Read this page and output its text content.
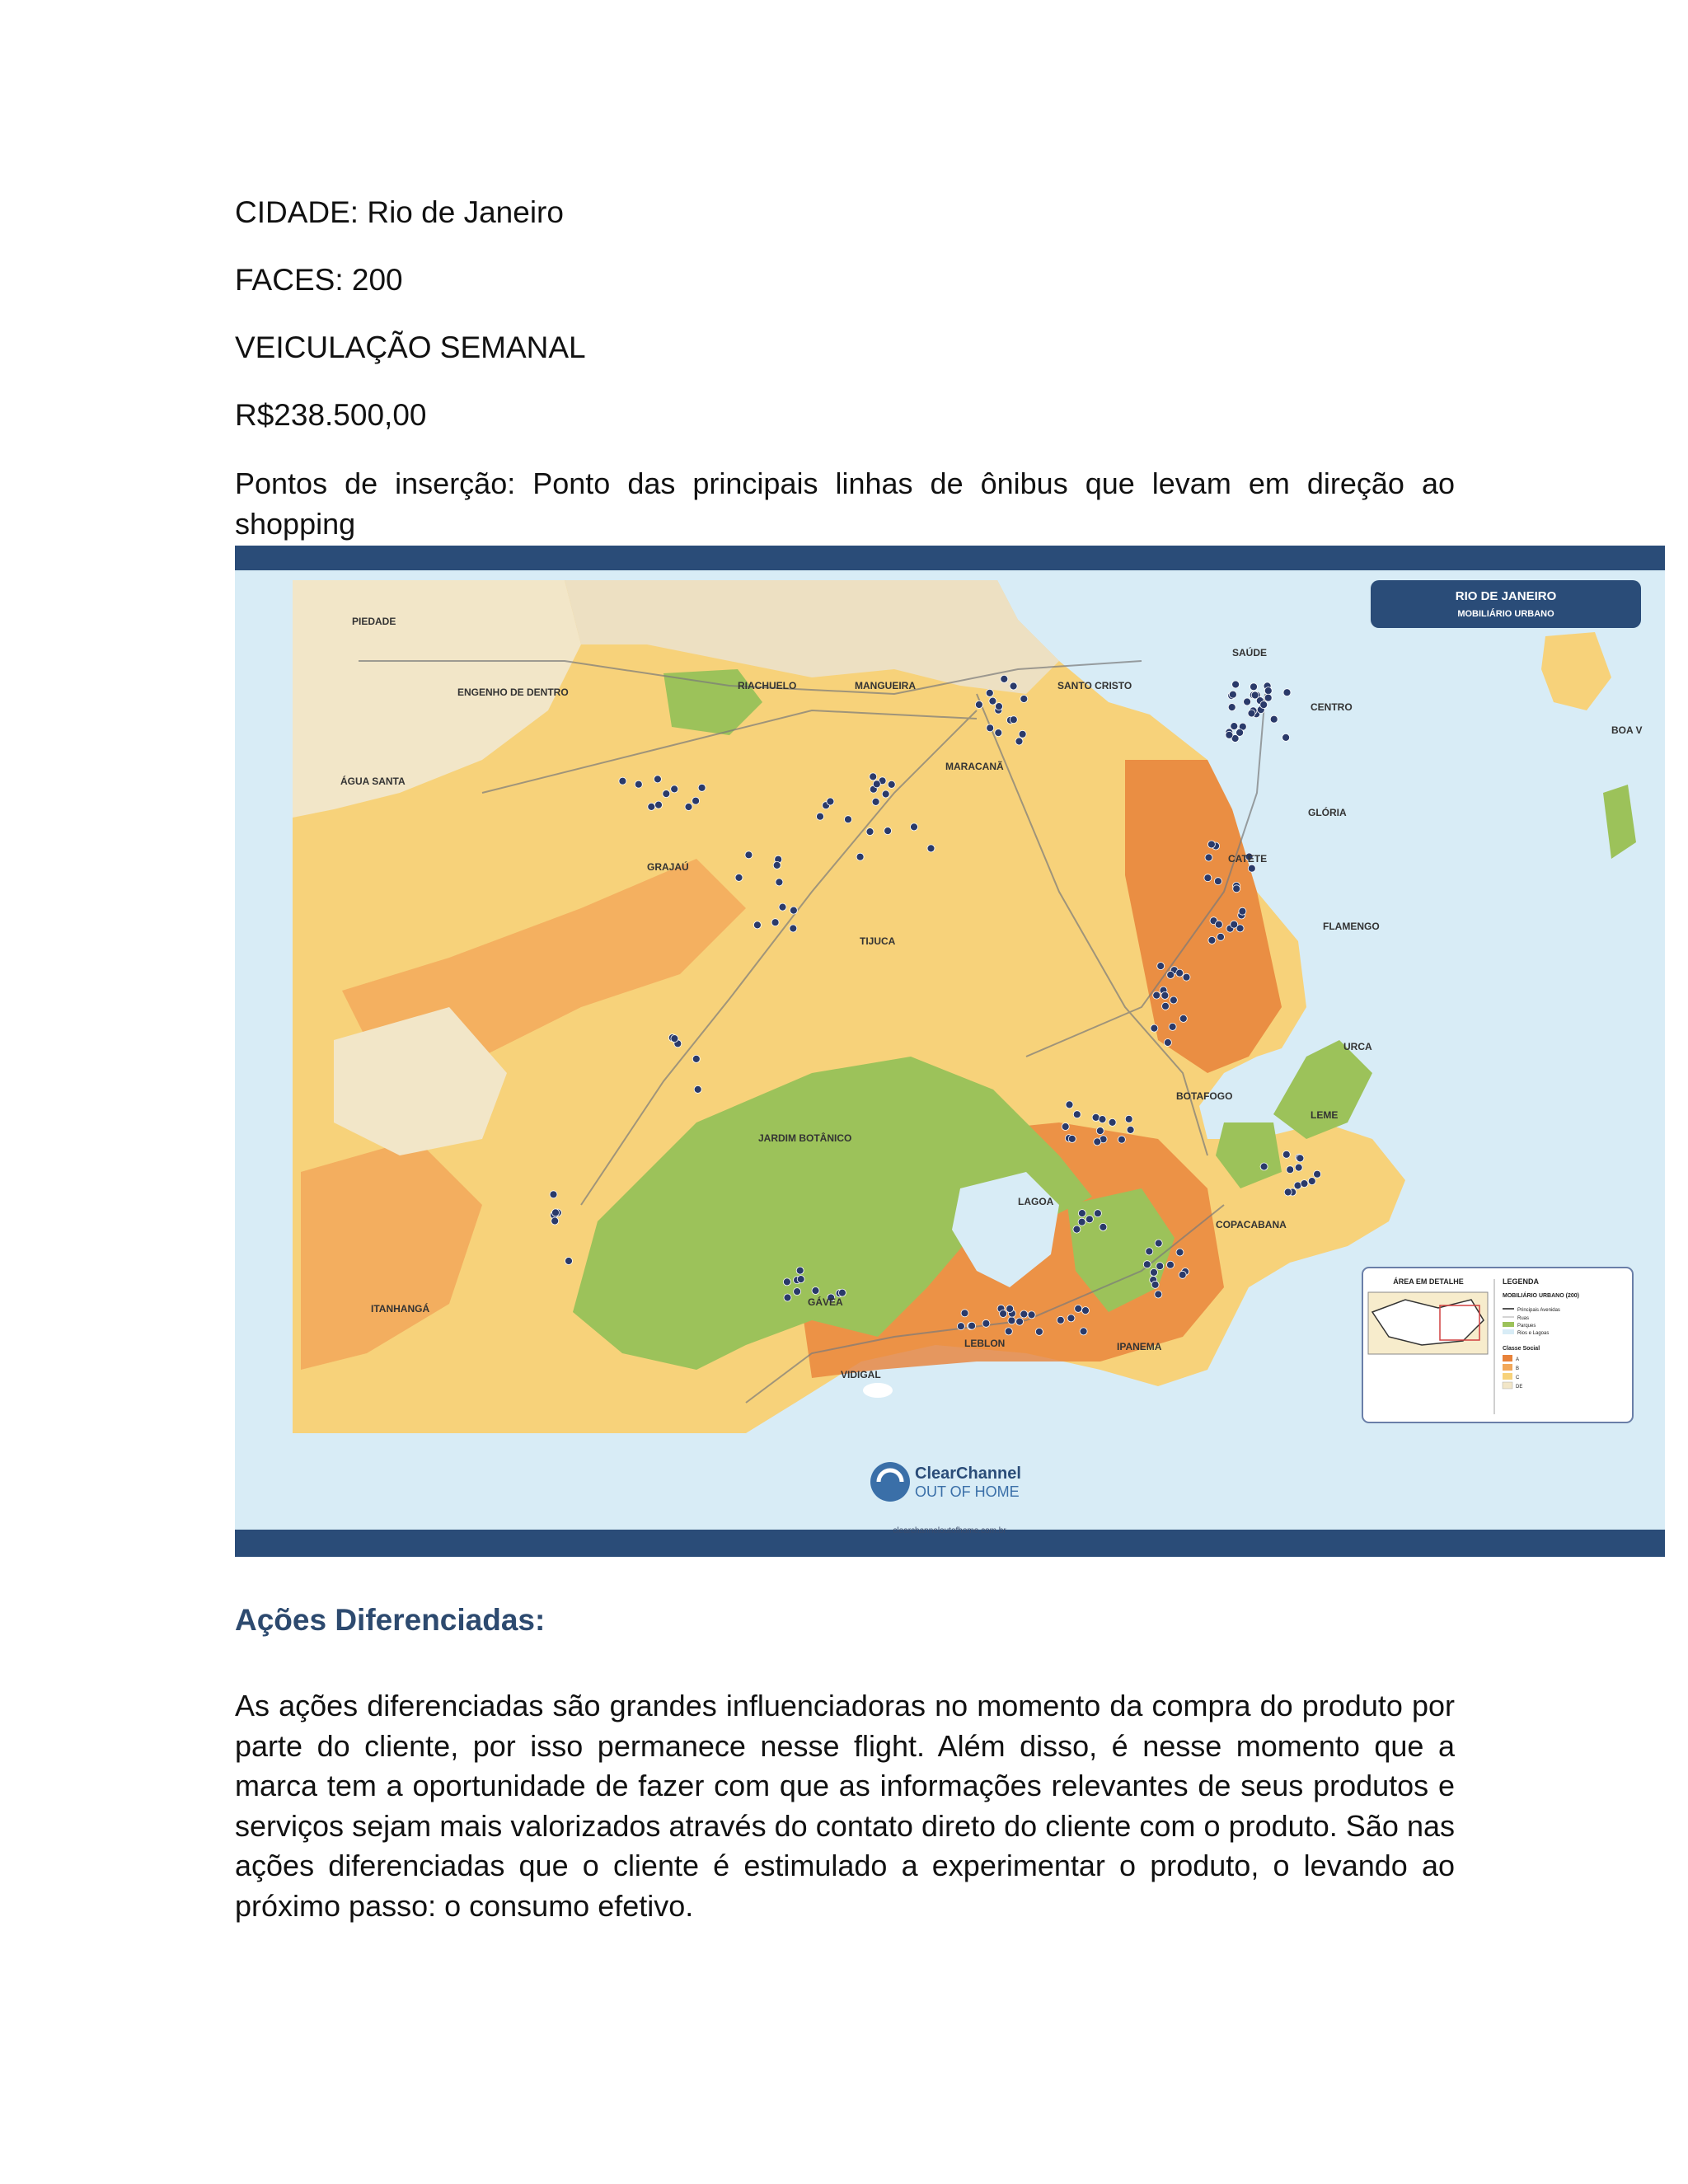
CIDADE: Rio de Janeiro
FACES: 200
VEICULAÇÃO SEMANAL
R$238.500,00
Pontos de inserção: Ponto das principais linhas de ônibus que levam em direção ao shopping
PIEDADE
ENGENHO DE DENTRO
RIACHUELO	MANGUEIRA	SANTO CRISTO
SAÚDE
CENTRO
BOA V
ÁGUA SANTA
MARACANÃ
GLÓRIA
GRAJAÚ
CATETE
TIJUCA
FLAMENGO
URCA
BOTAFOGO
LEME
JARDIM BOTÂNICO
LAGOA
COPACABANA
ITANHANGÁ
GÁVEA
LEBLON	IPANEMA
VIDIGAL
RIO DE JANEIRO
MOBILIÁRIO URBANO
ÁREA EM DETALHE	LEGENDA
MOBILIÁRIO URBANO (200)
Principais Avenidas
Ruas
Parques
Rios e Lagoas
Classe Social
A
B
C
DE
ClearChannel
OUT OF HOME
clearchanneloutofhome.com.br
Ações Diferenciadas:
As ações diferenciadas são grandes influenciadoras no momento da compra do produto por parte do cliente, por isso permanece nesse flight. Além disso, é nesse momento que a marca tem a oportunidade de fazer com que as informações relevantes de seus produtos e serviços sejam mais valorizados através do contato direto do cliente com o produto. São nas ações diferenciadas que o cliente é estimulado a experimentar o produto, o levando ao próximo passo: o consumo efetivo.
